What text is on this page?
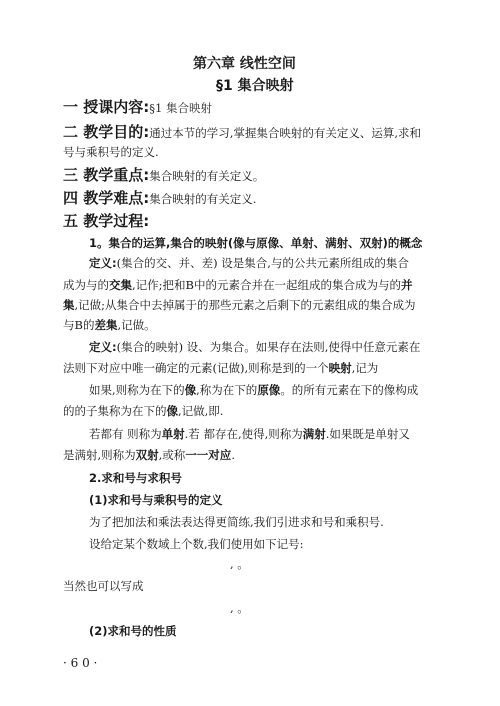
第六章 线性空间
§1 集合映射
一 授课内容:§1 集合映射
二 教学目的:通过本节的学习,掌握集合映射的有关定义、运算,求和
号与乘积号的定义.
三 教学重点:集合映射的有关定义。
四 教学难点:集合映射的有关定义.
五 教学过程:
1。集合的运算,集合的映射(像与原像、单射、满射、双射)的概念
定义:(集合的交、并、差) 设是集合,与的公共元素所组成的集合
成为与的交集,记作;把和B中的元素合并在一起组成的集合成为与的并
集,记做;从集合中去掉属于的那些元素之后剩下的元素组成的集合成为
与B的差集,记做。
定义:(集合的映射) 设、为集合。如果存在法则,使得中任意元素在
法则下对应中唯一确定的元素(记做),则称是到的一个映射,记为
如果,则称为在下的像,称为在下的原像。的所有元素在下的像构成
的的子集称为在下的像,记做,即.
若都有 则称为单射.若 都存在,使得,则称为满射.如果既是单射又
是满射,则称为双射,或称一一对应.
2.求和号与求积号
(1)求和号与乘积号的定义
为了把加法和乘法表达得更简练,我们引进求和号和乘积号.
设给定某个数域上个数,我们使用如下记号:
, 。
当然也可以写成
, 。
(2)求和号的性质
· 6 0 ·
